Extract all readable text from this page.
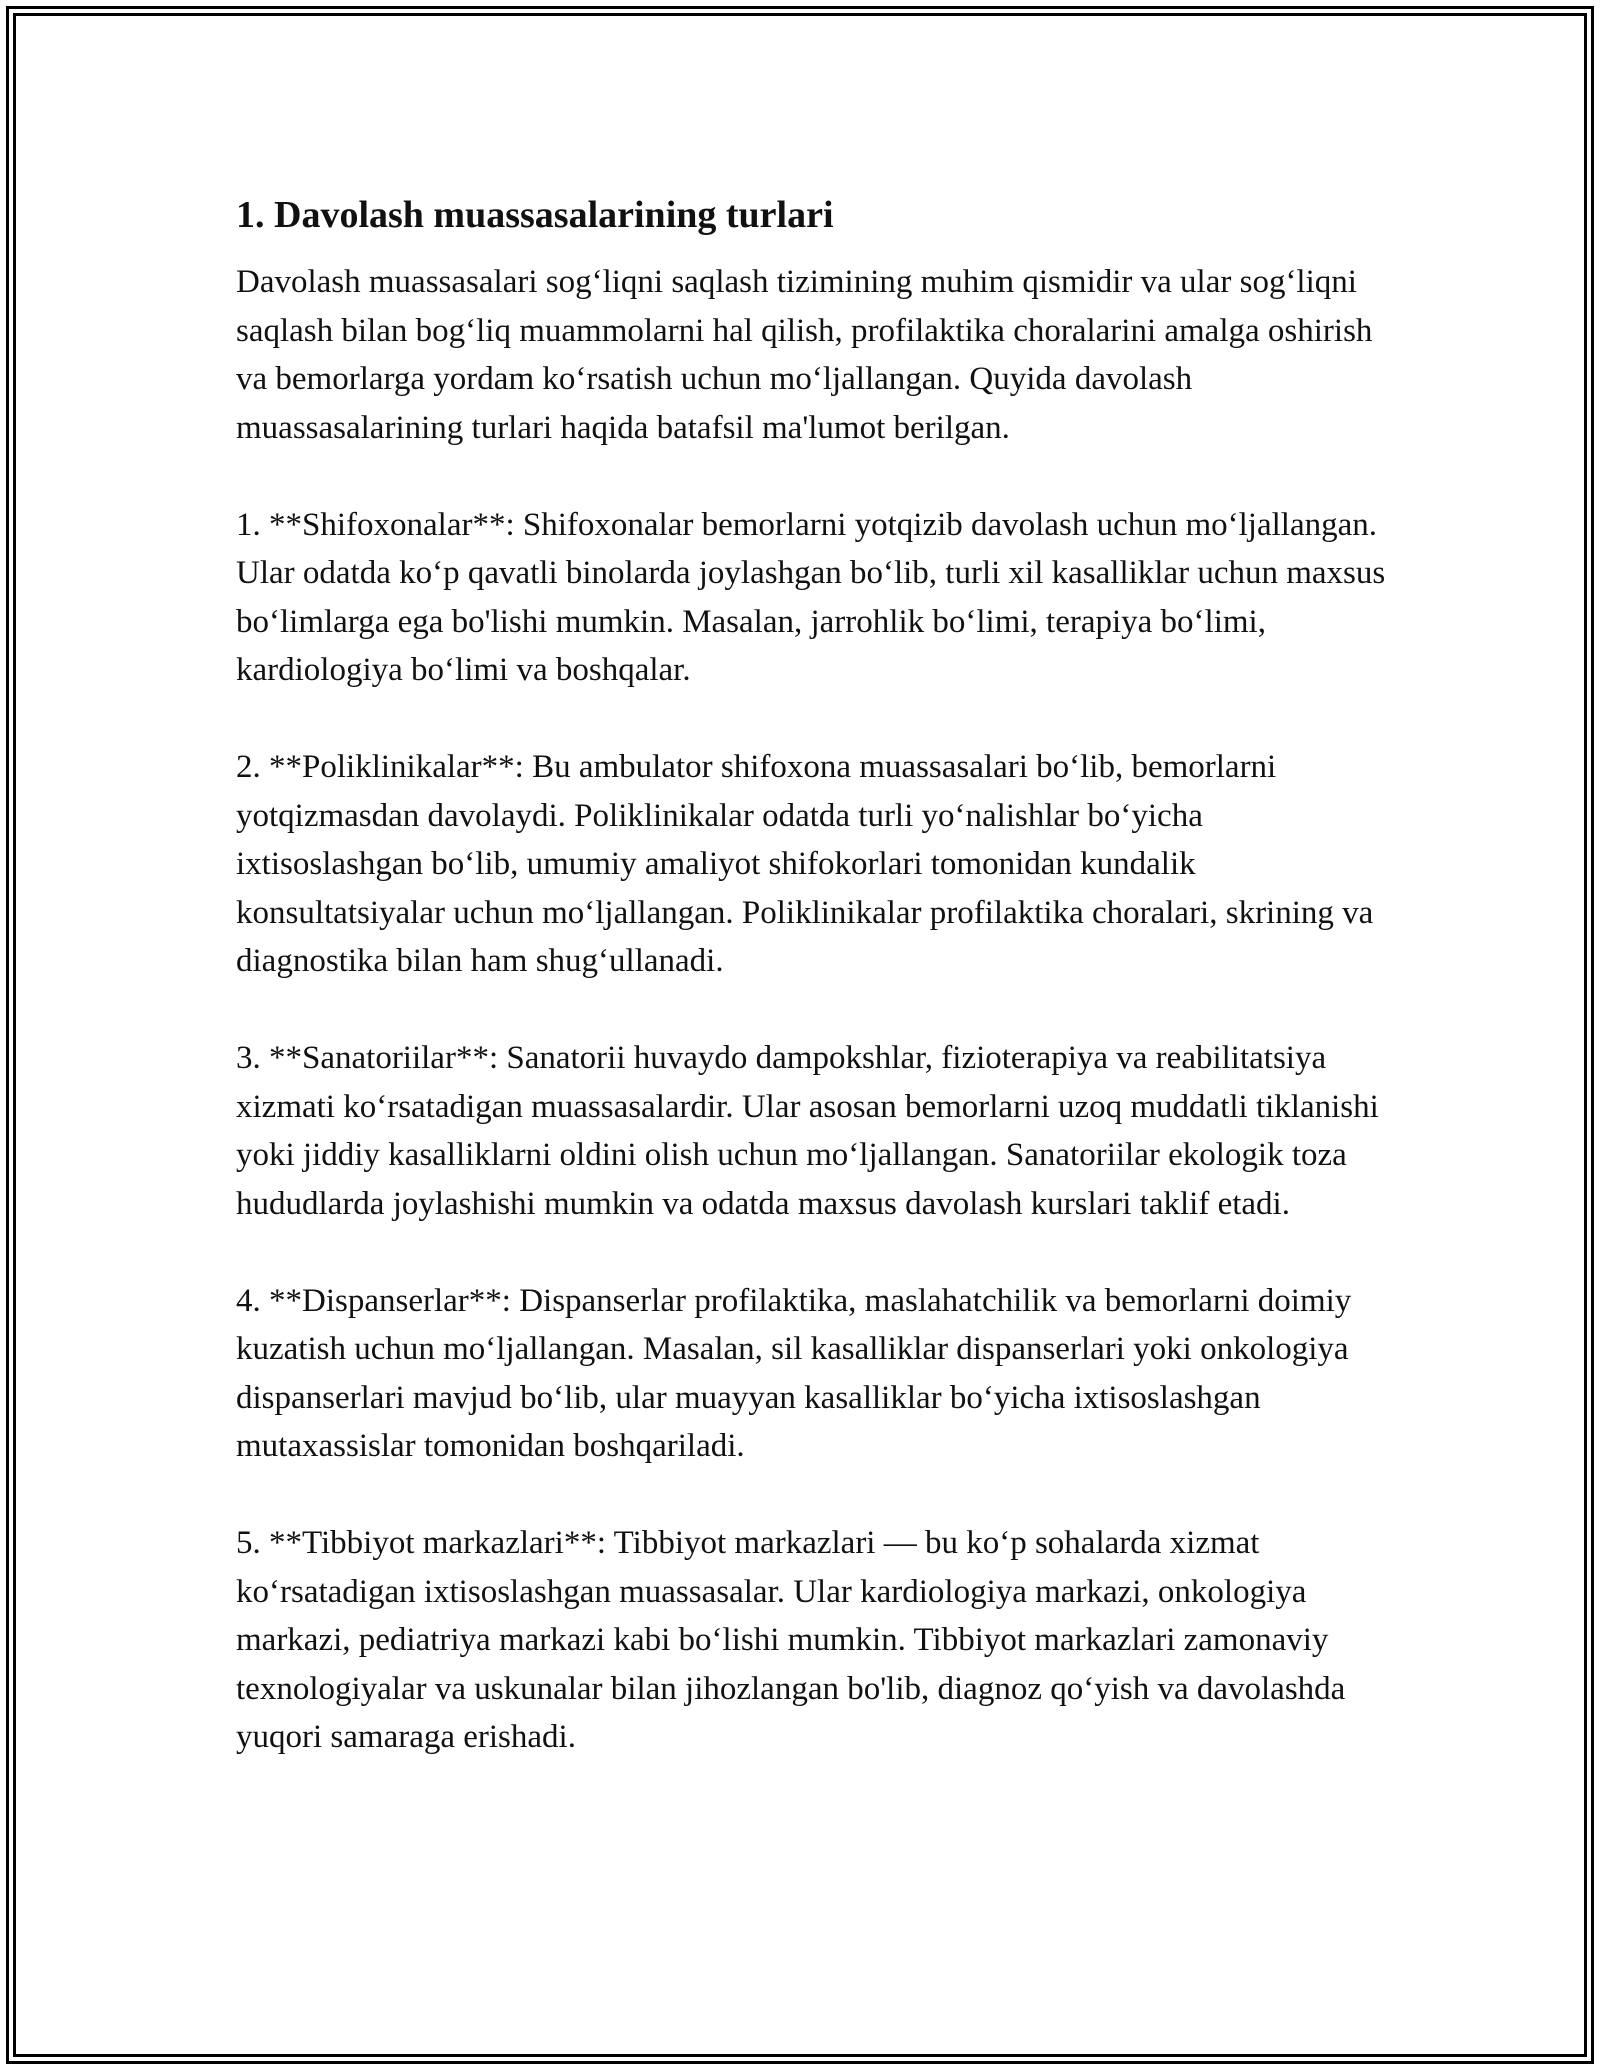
1. Davolash muassasalarining turlari

Davolash muassasalari sog‘liqni saqlash tizimining muhim qismidir va ular sog‘liqni saqlash bilan bog‘liq muammolarni hal qilish, profilaktika choralarini amalga oshirish va bemorlarga yordam ko‘rsatish uchun mo‘ljallangan. Quyida davolash muassasalarining turlari haqida batafsil ma'lumot berilgan.

1. **Shifoxonalar**: Shifoxonalar bemorlarni yotqizib davolash uchun mo‘ljallangan. Ular odatda ko‘p qavatli binolarda joylashgan bo‘lib, turli xil kasalliklar uchun maxsus bo‘limlarga ega bo'lishi mumkin. Masalan, jarrohlik bo‘limi, terapiya bo‘limi, kardiologiya bo‘limi va boshqalar.

2. **Poliklinikalar**: Bu ambulator shifoxona muassasalari bo‘lib, bemorlarni yotqizmasdan davolaydi. Poliklinikalar odatda turli yo‘nalishlar bo‘yicha ixtisoslashgan bo‘lib, umumiy amaliyot shifokorlari tomonidan kundalik konsultatsiyalar uchun mo‘ljallangan. Poliklinikalar profilaktika choralari, skrining va diagnostika bilan ham shug‘ullanadi.

3. **Sanatoriilar**: Sanatorii huvaydo dampokshlar, fizioterapiya va reabilitatsiya xizmati ko‘rsatadigan muassasalardir. Ular asosan bemorlarni uzoq muddatli tiklanishi yoki jiddiy kasalliklarni oldini olish uchun mo‘ljallangan. Sanatoriilar ekologik toza hududlarda joylashishi mumkin va odatda maxsus davolash kurslari taklif etadi.

4. **Dispanserlar**: Dispanserlar profilaktika, maslahatchilik va bemorlarni doimiy kuzatish uchun mo‘ljallangan. Masalan, sil kasalliklar dispanserlari yoki onkologiya dispanserlari mavjud bo‘lib, ular muayyan kasalliklar bo‘yicha ixtisoslashgan mutaxassislar tomonidan boshqariladi.

5. **Tibbiyot markazlari**: Tibbiyot markazlari — bu ko‘p sohalarda xizmat ko‘rsatadigan ixtisoslashgan muassasalar. Ular kardiologiya markazi, onkologiya markazi, pediatriya markazi kabi bo‘lishi mumkin. Tibbiyot markazlari zamonaviy texnologiyalar va uskunalar bilan jihozlangan bo'lib, diagnoz qo‘yish va davolashda yuqori samaraga erishadi.
